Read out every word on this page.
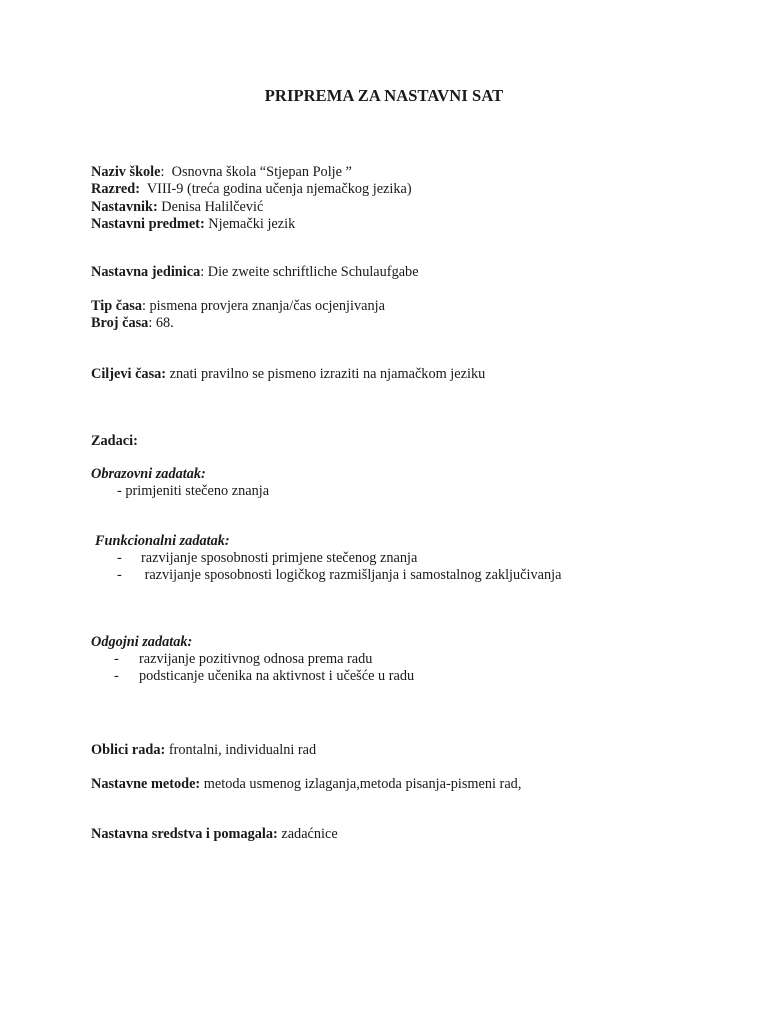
PRIPREMA ZA NASTAVNI SAT
Naziv škole:  Osnovna škola “Stjepan Polje ”
Razred:  VIII-9 (treća godina učenja njemačkog jezika)
Nastavnik: Denisa Halilčević
Nastavni predmet: Njemački jezik
Nastavna jedinica: Die zweite schriftliche Schulaufgabe
Tip časa: pismena provjera znanja/čas ocjenjivanja
Broj časa: 68.
Ciljevi časa: znati pravilno se pismeno izraziti na njamačkom jeziku
Zadaci:
Obrazovni zadatak:
- primjeniti stečeno znanja
Funkcionalni zadatak:
- razvijanje sposobnosti primjene stečenog znanja
- razvijanje sposobnosti logičkog razmišljanja i samostalnog zaključivanja
Odgojni zadatak:
- razvijanje pozitivnog odnosa prema radu
- podsticanje učenika na aktivnost i učešće u radu
Oblici rada: frontalni, individualni rad
Nastavne metode: metoda usmenog izlaganja,metoda pisanja-pismeni rad,
Nastavna sredstva i pomagala: zadaćnice
